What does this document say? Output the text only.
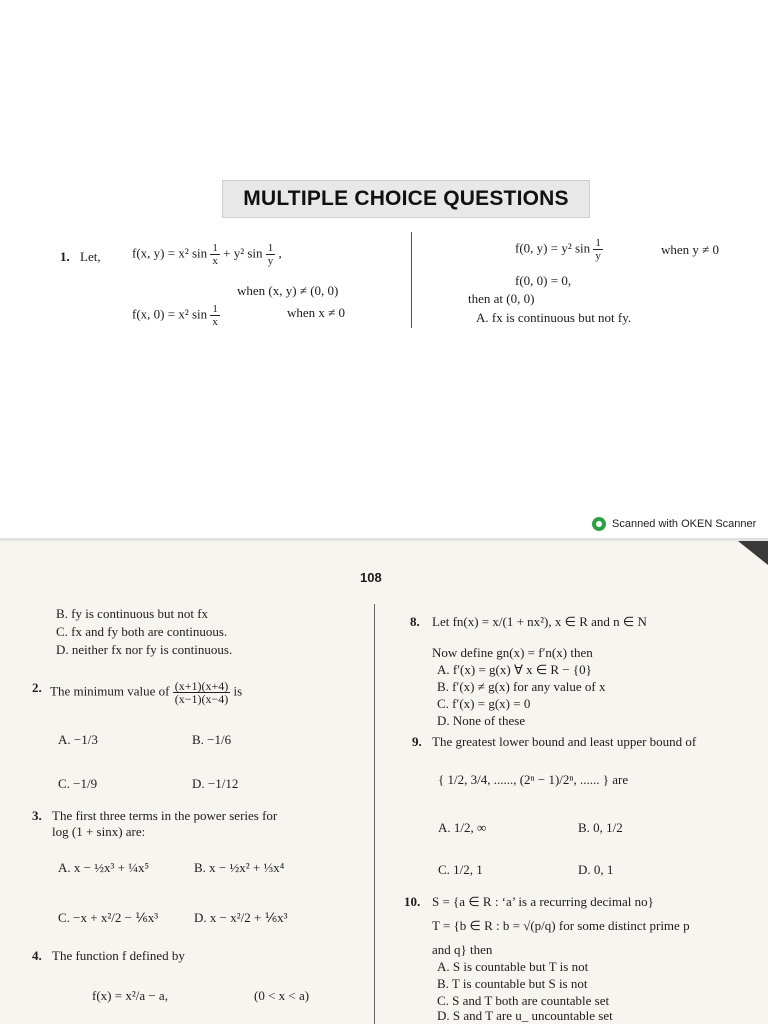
MULTIPLE CHOICE QUESTIONS
1. Let, f(x, y) = x² $\sin \frac{1}{x} + y^2$ $\sin \frac{1}{y}$ ,
when (x, y) ≠ (0, 0)
f(x, 0) = x² $\sin \frac{1}{x}$	when x ≠ 0
f(0, y) = y² $\sin \frac{1}{y}$	when y ≠ 0
f(0, 0) = 0,
then at (0, 0)
A. fx is continuous but not fy.
Scanned with OKEN Scanner
108
B. fy is continuous but not fx
C. fx and fy both are continuous.
D. neither fx nor fy is continuous.
2. The minimum value of $\frac{(x+1)(x+4)}{(x-1)(x-4)}$ is
A. −1/3	B. −1/6
C. −1/9	D. −1/12
3. The first three terms in the power series for
log (1 + sinx) are:
A. x − ½x³ + ¼x⁵	B. x − ½x² + ⅓x⁴
C. −x + x²/2 − ⅙x³	D. x − x²/2 + ⅙x³
4. The function f defined by
f(x) = x²/a − a,	(0 < x < a)
8. Let fn(x) = x/(1 + nx²), x ∈ R and n ∈ N
Now define gn(x) = f′n(x) then
A. f′(x) = g(x) ∀ x ∈ R − {0}
B. f′(x) ≠ g(x) for any value of x
C. f′(x) = g(x) = 0
D. None of these
9. The greatest lower bound and least upper bound of
{ 1/2, 3/4, ......, (2ⁿ − 1)/2ⁿ, ...... } are
A. 1/2, ∞	B. 0, 1/2
C. 1/2, 1	D. 0, 1
10. S = {a ∈ R : ‘a’ is a recurring decimal no}
T = {b ∈ R : b = √(p/q) for some distinct prime p
and q} then
A. S is countable but T is not
B. T is countable but S is not
C. S and T both are countable set
D. S and T are u_ uncountable set
